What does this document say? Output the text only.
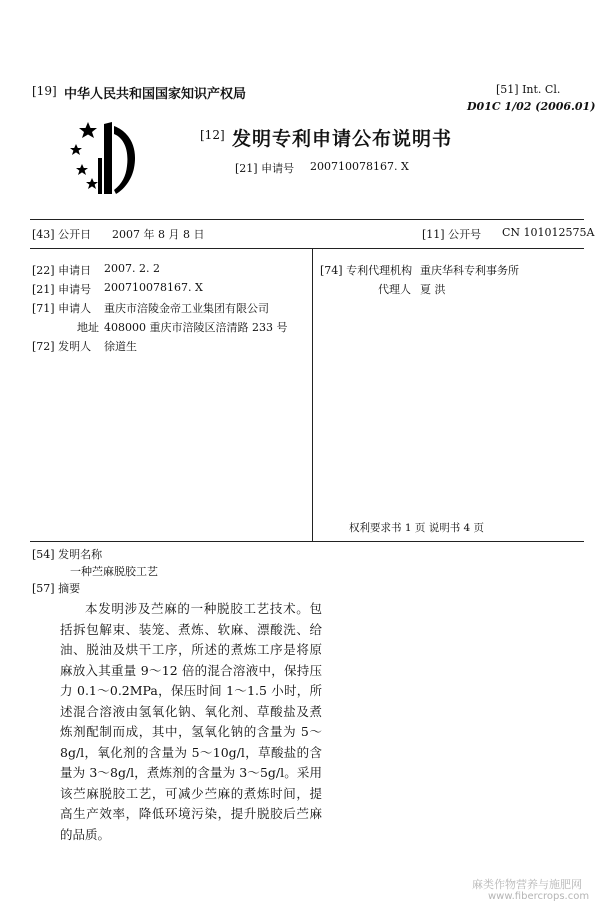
[19] 中华人民共和国国家知识产权局	[51] Int. Cl.
D01C 1/02 (2006.01)
[12] 发明专利申请公布说明书
[21] 申请号 200710078167. X
[43] 公开日 2007 年 8 月 8 日	[11] 公开号 CN 101012575A
[22] 申请日 2007. 2. 2
[21] 申请号 200710078167. X
[71] 申请人 重庆市涪陵金帝工业集团有限公司
地址 408000 重庆市涪陵区涪清路 233 号
[72] 发明人 徐道生
[74] 专利代理机构 重庆华科专利事务所
代理人 夏 洪
权利要求书 1 页 说明书 4 页
[54] 发明名称
一种苎麻脱胶工艺
[57] 摘要
本发明涉及苎麻的一种脱胶工艺技术。包括拆包解束、装笼、煮炼、软麻、漂酸洗、给油、脱油及烘干工序，所述的煮炼工序是将原麻放入其重量 9～12 倍的混合溶液中，保持压力 0.1～0.2MPa，保压时间 1～1.5 小时，所述混合溶液由氢氧化钠、氧化剂、草酸盐及煮炼剂配制而成，其中，氢氧化钠的含量为 5～8g/l，氧化剂的含量为 5～10g/l，草酸盐的含量为 3～8g/l，煮炼剂的含量为 3～5g/l。采用该苎麻脱胶工艺，可减少苎麻的煮炼时间，提高生产效率，降低环境污染，提升脱胶后苎麻的品质。
麻类作物营养与施肥网
www.fibercrops.com
